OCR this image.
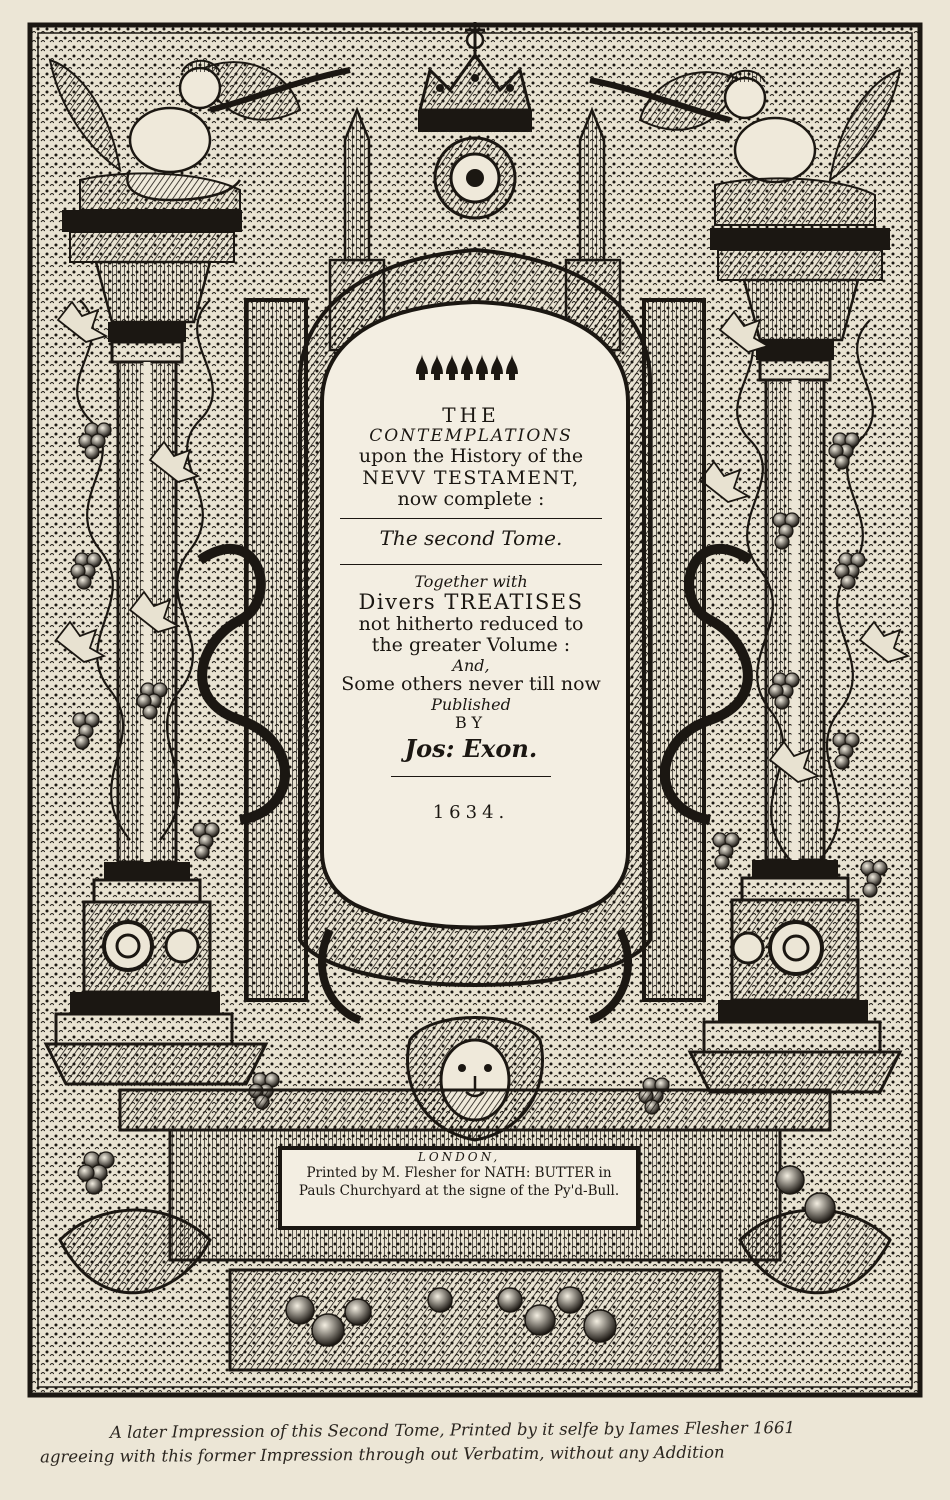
THE
CONTEMPLATIONS
upon the History of the
NEVV TESTAMENT,
now complete :
The second Tome.
Together with
Divers TREATISES
not hitherto reduced to
the greater Volume :
And,
Some others never till now
Published
BY
Jos: Exon.
1634.
LONDON,
Printed by M. Flesher for NATH: BUTTER in
Pauls Churchyard at the signe of the Py'd-Bull.
A later Impression of this Second Tome, Printed by it selfe by Iames Flesher 1661
agreeing with this former Impression through out Verbatim, without any Addition
